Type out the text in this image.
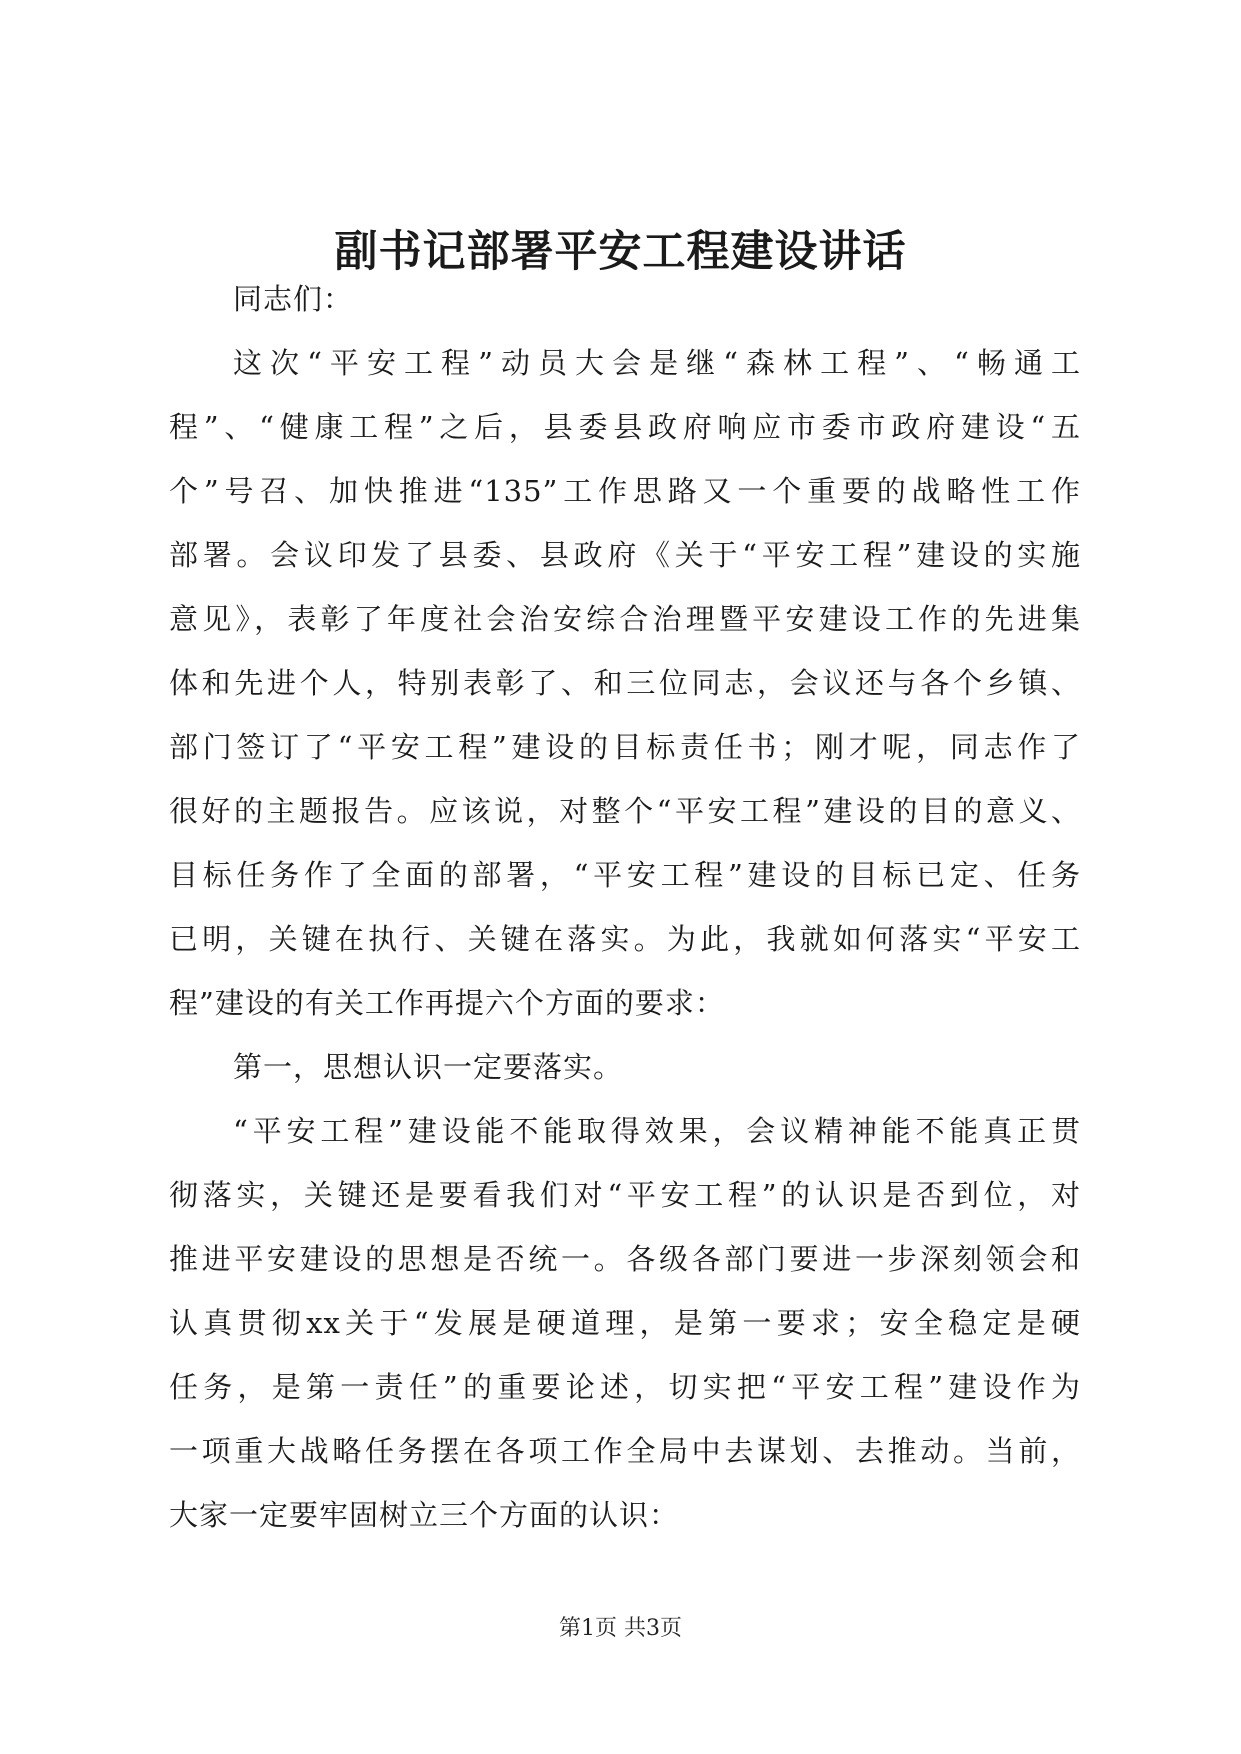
副书记部署平安工程建设讲话
同志们：
这次“平安工程”动员大会是继“森林工程”、“畅通工
程”、“健康工程”之后，县委县政府响应市委市政府建设“五
个”号召、加快推进“135”工作思路又一个重要的战略性工作
部署。会议印发了县委、县政府《关于“平安工程”建设的实施
意见》，表彰了年度社会治安综合治理暨平安建设工作的先进集
体和先进个人，特别表彰了、和三位同志，会议还与各个乡镇、
部门签订了“平安工程”建设的目标责任书；刚才呢，同志作了
很好的主题报告。应该说，对整个“平安工程”建设的目的意义、
目标任务作了全面的部署，“平安工程”建设的目标已定、任务
已明，关键在执行、关键在落实。为此，我就如何落实“平安工
程”建设的有关工作再提六个方面的要求：
第一，思想认识一定要落实。
“平安工程”建设能不能取得效果，会议精神能不能真正贯
彻落实，关键还是要看我们对“平安工程”的认识是否到位，对
推进平安建设的思想是否统一。各级各部门要进一步深刻领会和
认真贯彻xx关于“发展是硬道理，是第一要求；安全稳定是硬
任务，是第一责任”的重要论述，切实把“平安工程”建设作为
一项重大战略任务摆在各项工作全局中去谋划、去推动。当前，
大家一定要牢固树立三个方面的认识：
第1页 共3页
